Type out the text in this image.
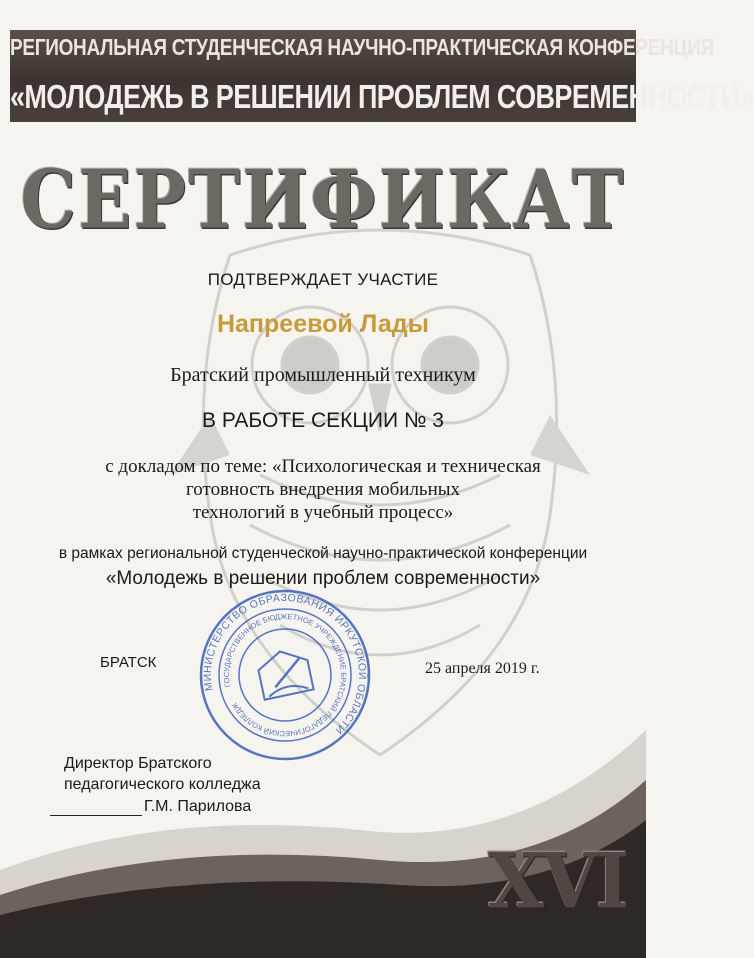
РЕГИОНАЛЬНАЯ СТУДЕНЧЕСКАЯ НАУЧНО-ПРАКТИЧЕСКАЯ КОНФЕРЕНЦИЯ
«МОЛОДЕЖЬ В РЕШЕНИИ ПРОБЛЕМ СОВРЕМЕННОСТИ»
СЕРТИФИКАТ
ПОДТВЕРЖДАЕТ УЧАСТИЕ
Напреевой Лады
Братский промышленный техникум
В РАБОТЕ СЕКЦИИ № 3
с докладом по теме: «Психологическая и техническая
готовность внедрения мобильных
технологий в учебный процесс»
в рамках региональной студенческой научно-практической конференции
«Молодежь в решении проблем современности»
БРАТСК	25 апреля 2019 г.
МИНИСТЕРСТВО ОБРАЗОВАНИЯ ИРКУТСКОЙ ОБЛАСТИ
ГОСУДАРСТВЕННОЕ БЮДЖЕТНОЕ УЧРЕЖДЕНИЕ БРАТСКИЙ ПЕДАГОГИЧЕСКИЙ КОЛЛЕДЖ
Директор Братского
педагогического колледжа
Г.М. Парилова
XVI
